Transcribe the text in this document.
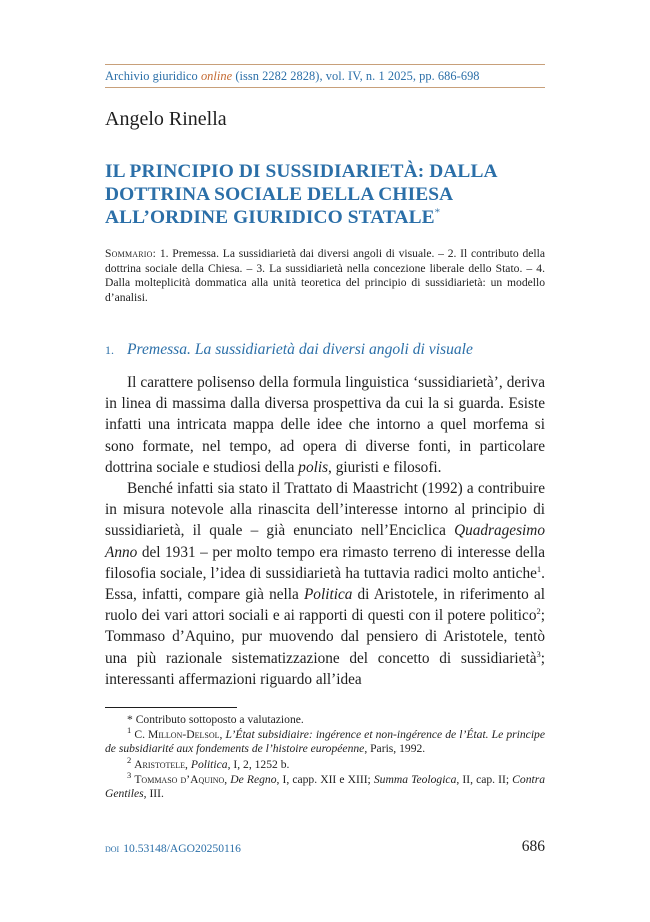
Archivio giuridico online (issn 2282 2828), vol. IV, n. 1 2025, pp. 686-698
Angelo Rinella
IL PRINCIPIO DI SUSSIDIARIETÀ: DALLA
DOTTRINA SOCIALE DELLA CHIESA
ALL’ORDINE GIURIDICO STATALE*

Sommario: 1. Premessa. La sussidiarietà dai diversi angoli di visuale. – 2. Il contributo della dottrina sociale della Chiesa. – 3. La sussidiarietà nella concezione liberale dello Stato. – 4. Dalla molteplicità dommatica alla unità teoretica del principio di sussidiarietà: un modello d’analisi.

1. Premessa. La sussidiarietà dai diversi angoli di visuale

Il carattere polisenso della formula linguistica ‘sussidiarietà’, deriva in linea di massima dalla diversa prospettiva da cui la si guarda. Esiste infatti una intricata mappa delle idee che intorno a quel morfema si sono formate, nel tempo, ad opera di diverse fonti, in particolare dottrina sociale e studiosi della polis, giuristi e filosofi.

Benché infatti sia stato il Trattato di Maastricht (1992) a contribuire in misura notevole alla rinascita dell’interesse intorno al principio di sussidiarietà, il quale – già enunciato nell’Enciclica Quadragesimo Anno del 1931 – per molto tempo era rimasto terreno di interesse della filosofia sociale, l’idea di sussidiarietà ha tuttavia radici molto antiche$^1$. Essa, infatti, compare già nella Politica di Aristotele, in riferimento al ruolo dei vari attori sociali e ai rapporti di questi con il potere politico$^2$; Tommaso d’Aquino, pur muovendo dal pensiero di Aristotele, tentò una più razionale sistematizzazione del concetto di sussidiarietà$^3$; interessanti affermazioni riguardo all’idea

* Contributo sottoposto a valutazione.

$^1$ C. Millon-Delsol, L’État subsidiaire: ingérence et non-ingérence de l’État. Le principe de subsidiarité aux fondements de l’histoire européenne, Paris, 1992.

$^2$ Aristotele, Politica, I, 2, 1252 b.

$^3$ Tommaso d’Aquino, De Regno, I, capp. XII e XIII; Summa Teologica, II, cap. II; Contra Gentiles, III.

doi 10.53148/AGO20250116	686
